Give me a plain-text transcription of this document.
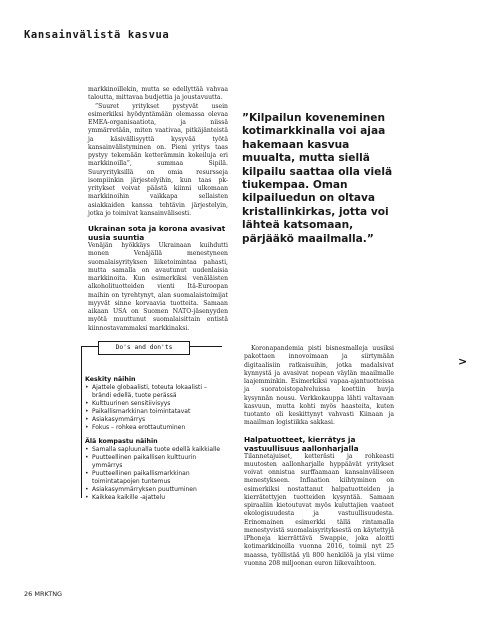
Kansainvälistä kasvua

markkinoillekin, mutta se edellyttää vahvaa taloutta, mittavaa budjettia ja joustavuutta.

”Suuret yritykset pystyvät usein esimerkiksi hyödyntämään olemassa olevaa EMEA-organisaatiota, ja niissä ymmärretään, miten vaativaa, pitkäjänteistä ja käsivällisyyttä kysyvää työtä kansainvälistyminen on. Pieni yritys taas pystyy tekemään ketterämmin kokeiluja eri markkinoilla”, summaa Sipilä. Suuryrityksillä on omia resursseja isompiinkin järjestelyihin, kun taas pk-yritykset voivat päästä kiinni ulkomaan markkinoihin vaikkapa sellaisten asiakkaiden kanssa tehtävin järjestelyin, jotka jo toimivat kansainvälisesti.

Ukrainan sota ja korona avasivat uusia suuntia

Venäjän hyökkäys Ukrainaan kuihdutti monen Venäjällä menestyneen suomalaisyrityksen liiketoimintaa pahasti, mutta samalla on avautunut uudenlaisia markkinoita. Kun esimerkiksi venäläisten alkoholituotteiden vienti Itä-Euroopan maihin on tyrehtynyt, alan suomalaistoimijat myyvät sinne korvaavia tuotteita. Samaan aikaan USA on Suomen NATO-jäsenyyden myötä muuttunut suomalaisittain entistä kiinnostavammaksi markkinaksi.

”Kilpailun koveneminen kotimarkkinalla voi ajaa hakemaan kasvua muualta, mutta siellä kilpailu saattaa olla vielä tiukempaa. Oman kilpailuedun on oltava kristallinkirkas, jotta voi lähteä katsomaan, pärjääkö maailmalla.”
Do's and don'ts
Keskity näihin
• Ajattele globaalisti, toteuta lokaalisti – brändi edellä, tuote perässä
• Kulttuurinen sensitiivisyys
• Paikallismarkkinan toimintatavat
• Asiakasymmärrys
• Fokus – rohkea erottautuminen
Älä kompastu näihin
• Samalla sapluunalla tuote edellä kaikkialle
• Puutteellinen paikallisen kulttuurin ymmärrys
• Puutteellinen paikallismarkkinan toimintatapojen tuntemus
• Asiakasymmärryksen puuttuminen
• Kaikkea kaikille -ajattelu

Koronapandemia pisti bisnesmalleja uusiksi pakottaen innovoimaan ja siirtymään digitaalisiin ratkaisuihin, jotka madalsivat kynnystä ja avasivat nopean väylän maailmalle laajemminkin. Esimerkiksi vapaa-ajantuotteissa ja suoratoistopalveluissa koettiin huvja kysynnän nousu. Verkkokauppa lähti valtavaan kasvuun, mutta kohti myös haasteita, kuten tuotanto oli keskittynyt vahvasti Kiinaan ja maailman logistiikka sakkasi.

Halpatuotteet, kierrätys ja vastuullisuus aallonharjalla

Tilannetajuiset, ketterästi ja rohkeasti muutosten aallonharjalle hyppäävät yritykset voivat onnistua surffaamaan kansainväliseen menestykseen. Inflaation kiihtyminen on esimerkiksi nostattanut halpatuotteiden ja kierrätettyjen tuotteiden kysyntää. Samaan spiraaliin kietoutuvat myös kuluttajien vaateet ekologisuudesta ja vastuullisuudesta. Erinomainen esimerkki tällä rintamalla menestyvistä suomalaisyrityksestä on käytettyjä iPhoneja kierrättävä Swappie, joka aloitti kotimarkkinoilla vuonna 2016, toimii nyt 25 maassa, työllistää yli 800 henkilöä ja ylsi viime vuonna 208 miljoonan euron liikevaihtoon.

>
26 MRKTNG
